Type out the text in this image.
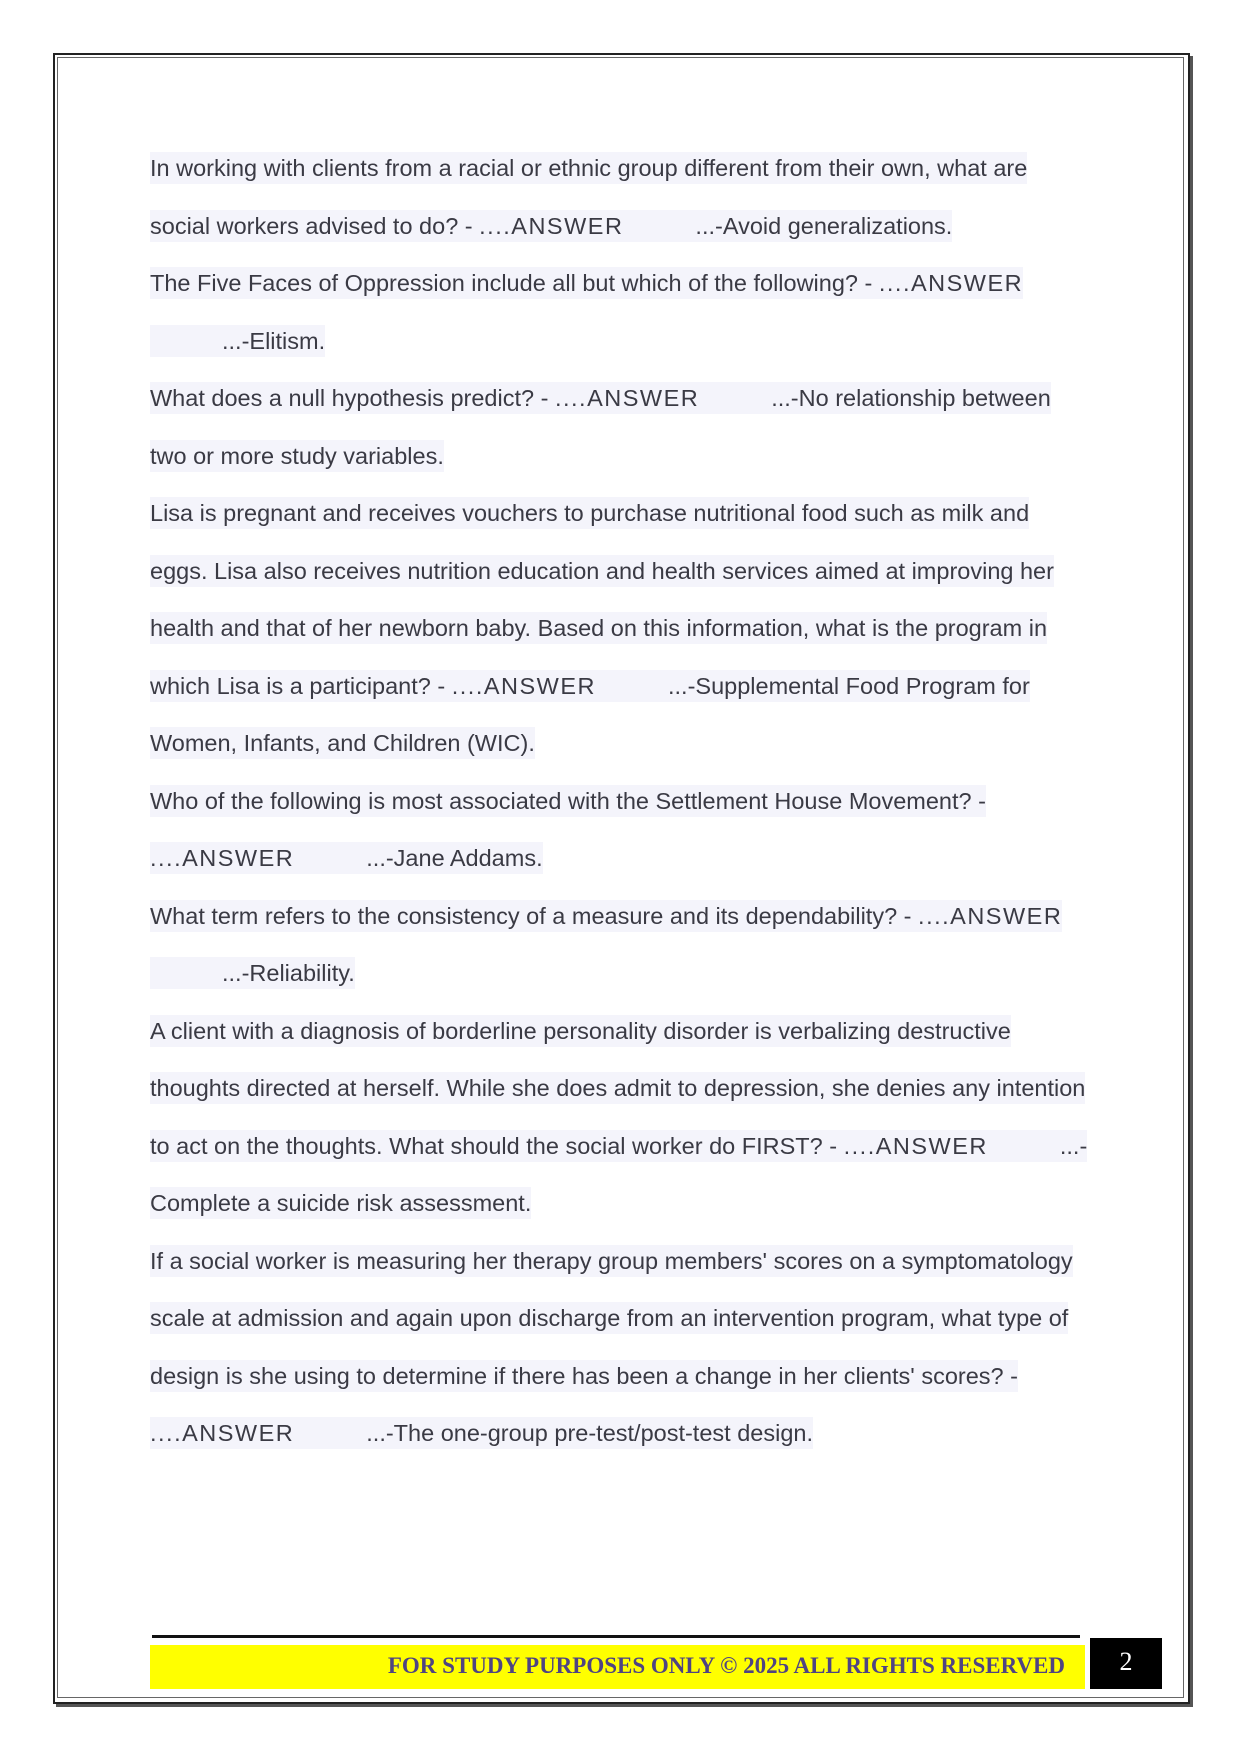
In working with clients from a racial or ethnic group different from their own, what are social workers advised to do? - ....ANSWER	...-Avoid generalizations.

The Five Faces of Oppression include all but which of the following? - ....ANSWER...-Elitism.

What does a null hypothesis predict? - ....ANSWER	...-No relationship between two or more study variables.

Lisa is pregnant and receives vouchers to purchase nutritional food such as milk and eggs. Lisa also receives nutrition education and health services aimed at improving her health and that of her newborn baby. Based on this information, what is the program in which Lisa is a participant? - ....ANSWER	...-Supplemental Food Program for Women, Infants, and Children (WIC).

Who of the following is most associated with the Settlement House Movement? - ....ANSWER	...-Jane Addams.

What term refers to the consistency of a measure and its dependability? - ....ANSWER...-Reliability.

A client with a diagnosis of borderline personality disorder is verbalizing destructive thoughts directed at herself. While she does admit to depression, she denies any intention to act on the thoughts. What should the social worker do FIRST? - ....ANSWER	...-Complete a suicide risk assessment.

If a social worker is measuring her therapy group members' scores on a symptomatology scale at admission and again upon discharge from an intervention program, what type of design is she using to determine if there has been a change in her clients' scores? - ....ANSWER	...-The one-group pre-test/post-test design.

FOR STUDY PURPOSES ONLY © 2025 ALL RIGHTS RESERVED	2
